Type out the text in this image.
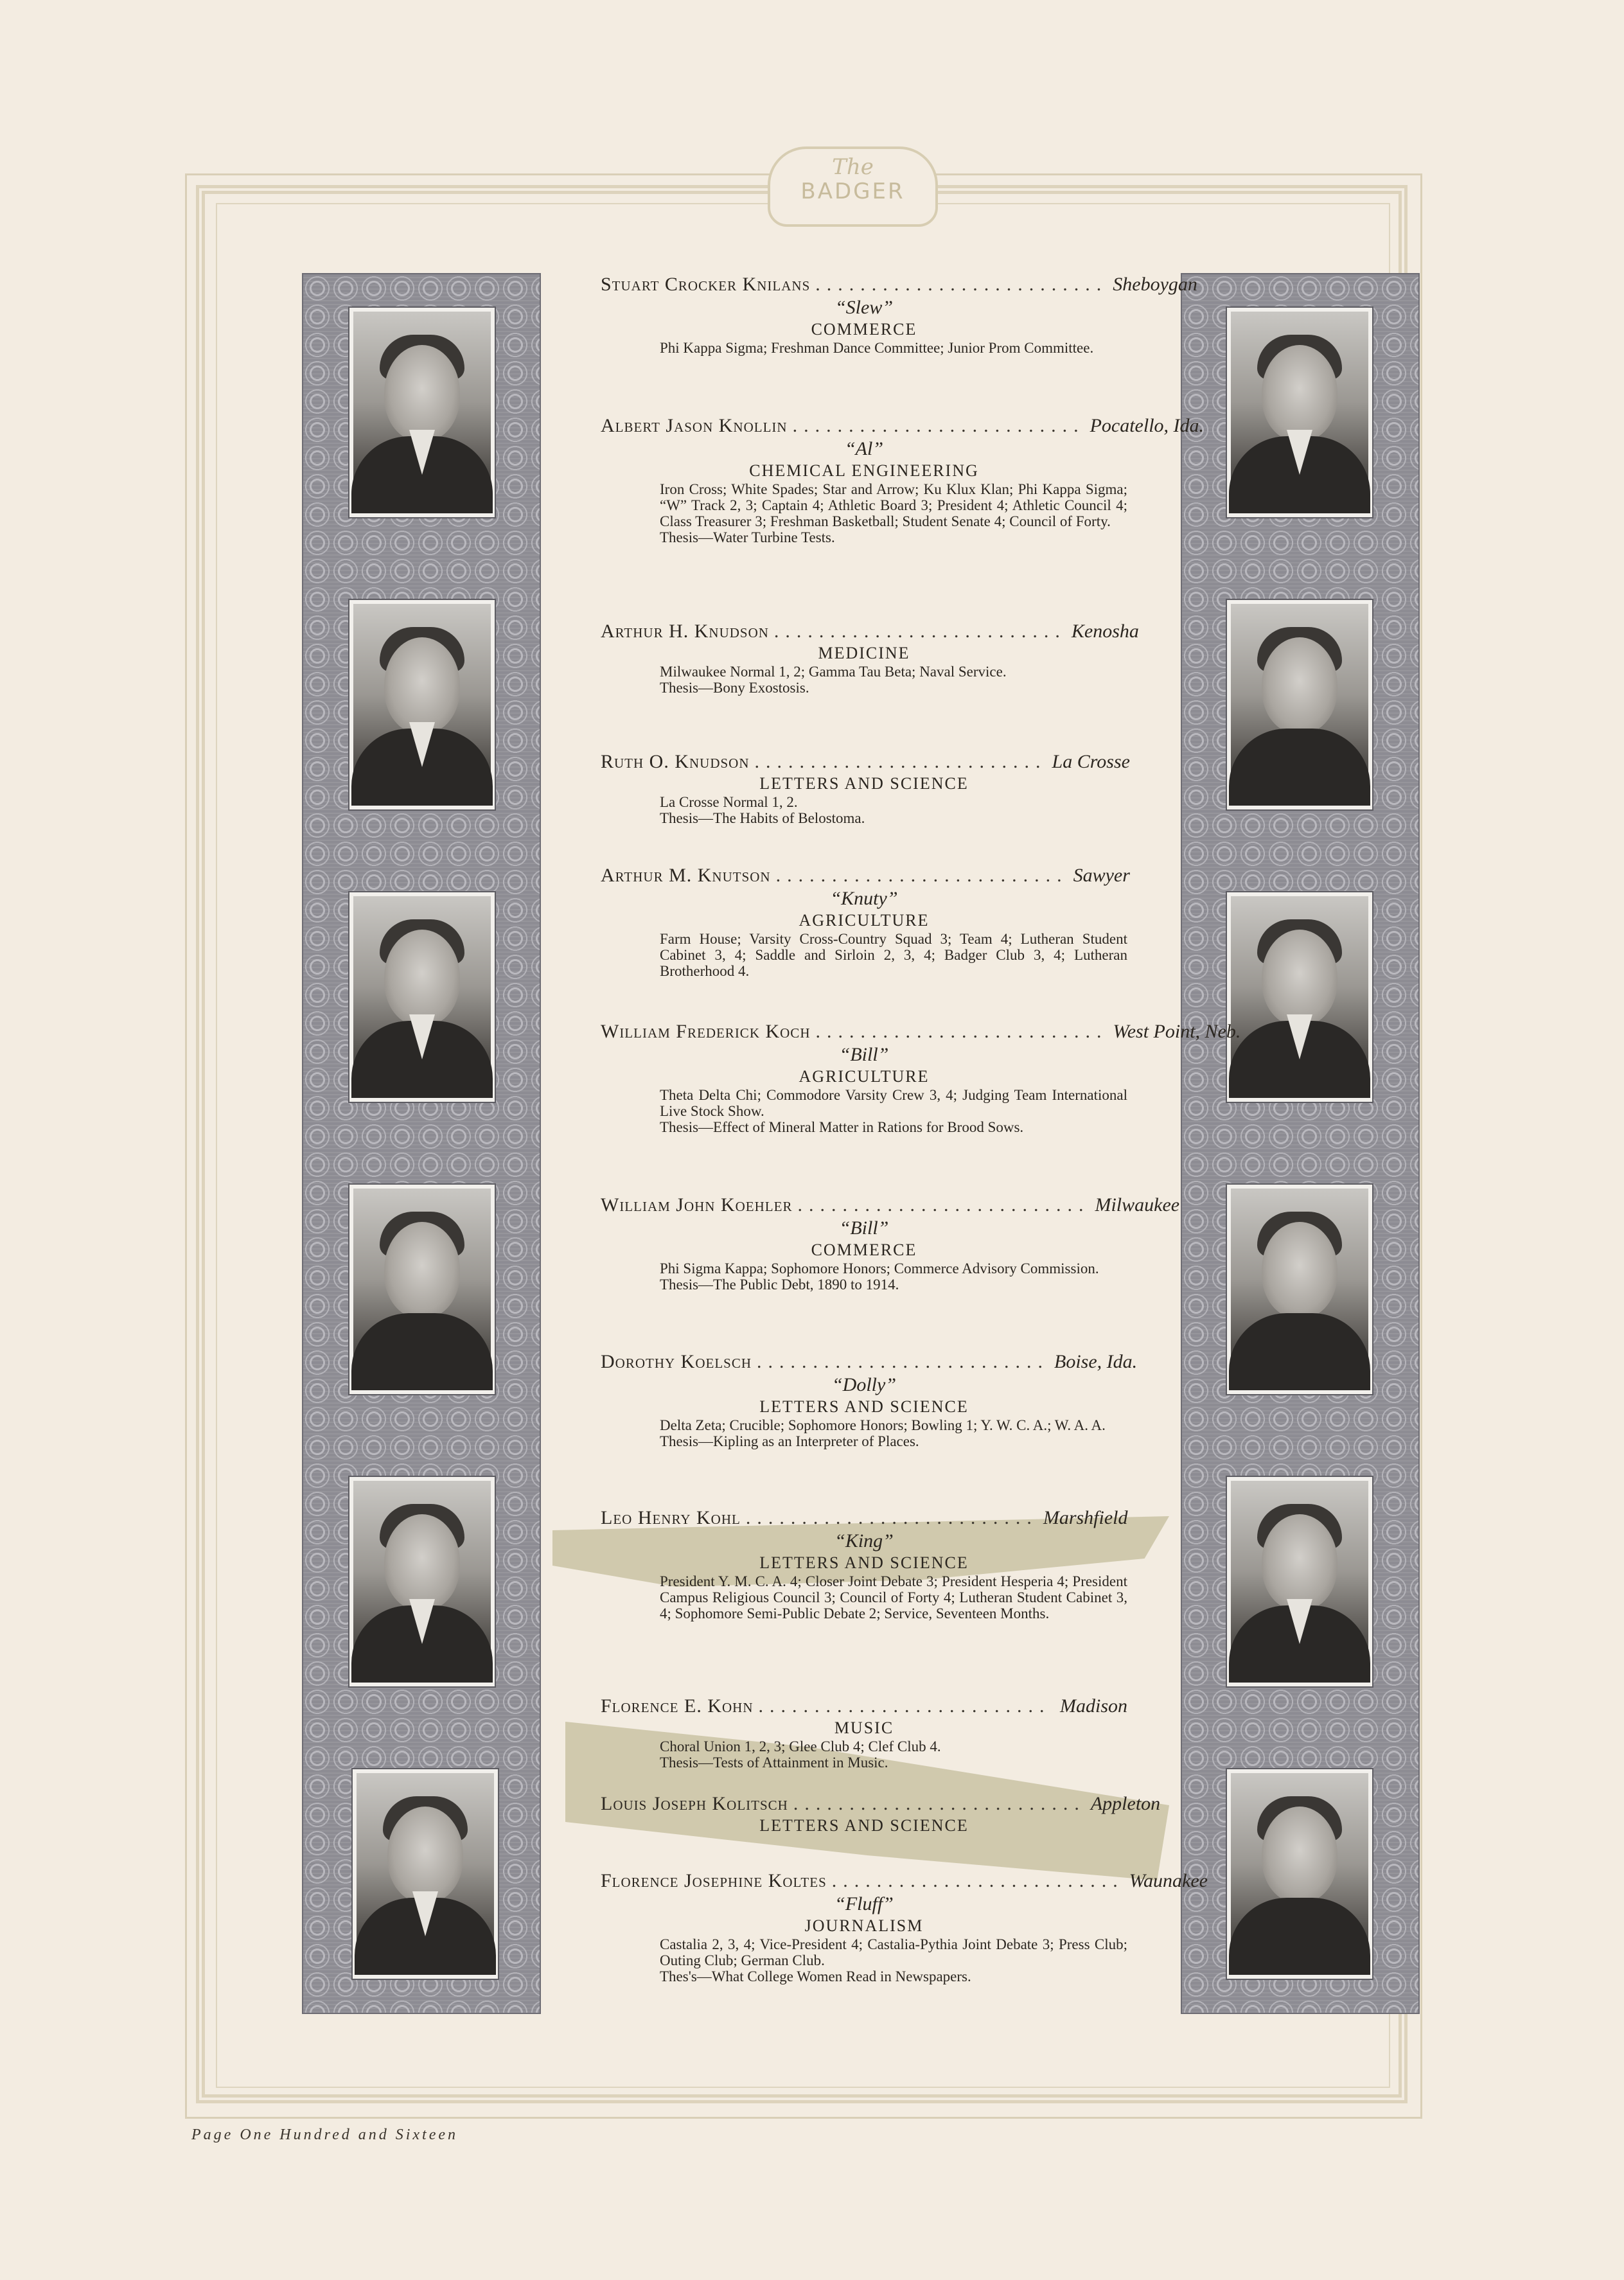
The
BADGER
Stuart Crocker Knilans .......................... Sheboygan
“Slew”
COMMERCE
Phi Kappa Sigma; Freshman Dance Committee; Junior Prom Committee.
Albert Jason Knollin .......................... Pocatello, Ida.
“Al”
CHEMICAL ENGINEERING
Iron Cross; White Spades; Star and Arrow; Ku Klux Klan; Phi Kappa Sigma; “W” Track 2, 3; Captain 4; Athletic Board 3; President 4; Athletic Council 4; Class Treasurer 3; Freshman Basketball; Student Senate 4; Council of Forty.
Thesis—Water Turbine Tests.
Arthur H. Knudson .......................... Kenosha
MEDICINE
Milwaukee Normal 1, 2; Gamma Tau Beta; Naval Service.
Thesis—Bony Exostosis.
Ruth O. Knudson .......................... La Crosse
LETTERS AND SCIENCE
La Crosse Normal 1, 2.
Thesis—The Habits of Belostoma.
Arthur M. Knutson .......................... Sawyer
“Knuty”
AGRICULTURE
Farm House; Varsity Cross-Country Squad 3; Team 4; Lutheran Student Cabinet 3, 4; Saddle and Sirloin 2, 3, 4; Badger Club 3, 4; Lutheran Brotherhood 4.
William Frederick Koch .......................... West Point, Neb.
“Bill”
AGRICULTURE
Theta Delta Chi; Commodore Varsity Crew 3, 4; Judging Team International Live Stock Show.
Thesis—Effect of Mineral Matter in Rations for Brood Sows.
William John Koehler .......................... Milwaukee
“Bill”
COMMERCE
Phi Sigma Kappa; Sophomore Honors; Commerce Advisory Commission.
Thesis—The Public Debt, 1890 to 1914.
Dorothy Koelsch .......................... Boise, Ida.
“Dolly”
LETTERS AND SCIENCE
Delta Zeta; Crucible; Sophomore Honors; Bowling 1; Y. W. C. A.; W. A. A.
Thesis—Kipling as an Interpreter of Places.
Leo Henry Kohl .......................... Marshfield
“King”
LETTERS AND SCIENCE
President Y. M. C. A. 4; Closer Joint Debate 3; President Hesperia 4; President Campus Religious Council 3; Council of Forty 4; Lutheran Student Cabinet 3, 4; Sophomore Semi-Public Debate 2; Service, Seventeen Months.
Florence E. Kohn .......................... Madison
MUSIC
Choral Union 1, 2, 3; Glee Club 4; Clef Club 4.
Thesis—Tests of Attainment in Music.
Louis Joseph Kolitsch .......................... Appleton
LETTERS AND SCIENCE
Florence Josephine Koltes .......................... Waunakee
“Fluff”
JOURNALISM
Castalia 2, 3, 4; Vice-President 4; Castalia-Pythia Joint Debate 3; Press Club; Outing Club; German Club.
Thes's—What College Women Read in Newspapers.
Page One Hundred and Sixteen
